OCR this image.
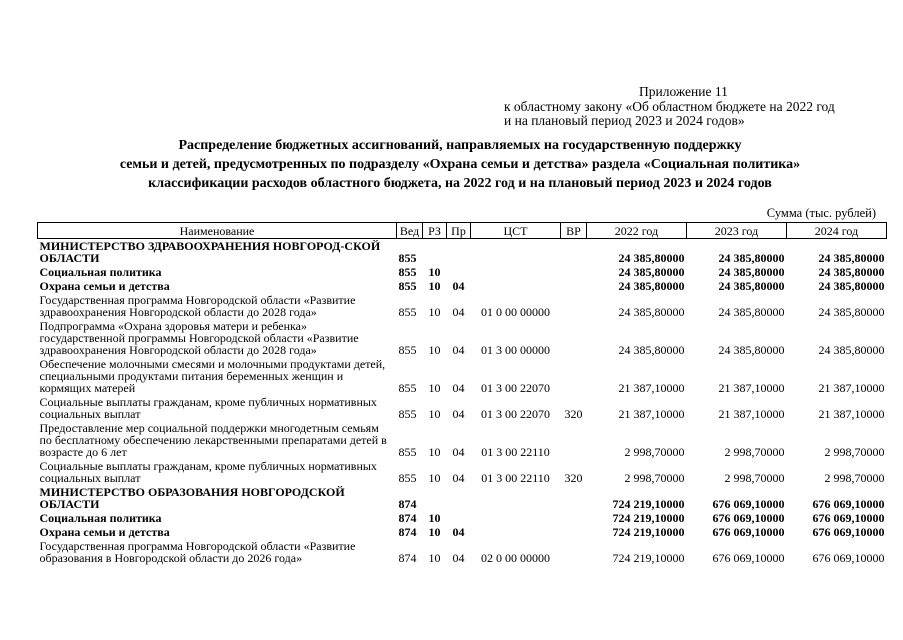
Приложение 11
к областному закону «Об областном бюджете на 2022 год
и на плановый период 2023 и 2024 годов»
Распределение бюджетных ассигнований, направляемых на государственную поддержку
семьи и детей, предусмотренных по подразделу «Охрана семьи и детства» раздела «Социальная политика»
классификации расходов областного бюджета, на 2022 год и на плановый период 2023 и 2024 годов
Сумма (тыс. рублей)
Наименование	Вед	РЗ	Пр	ЦСТ	ВР	2022 год	2023 год	2024 год
МИНИСТЕРСТВО ЗДРАВООХРАНЕНИЯ НОВГОРОД-СКОЙ ОБЛАСТИ	855					24 385,80000	24 385,80000	24 385,80000
Социальная политика	855	10				24 385,80000	24 385,80000	24 385,80000
Охрана семьи и детства	855	10	04			24 385,80000	24 385,80000	24 385,80000
Государственная программа Новгородской области «Развитие здравоохранения Новгородской области до 2028 года»	855	10	04	01 0 00 00000		24 385,80000	24 385,80000	24 385,80000
Подпрограмма «Охрана здоровья матери и ребенка» государственной программы Новгородской области «Развитие здравоохранения Новгородской области до 2028 года»	855	10	04	01 3 00 00000		24 385,80000	24 385,80000	24 385,80000
Обеспечение молочными смесями и молочными продуктами детей, специальными продуктами питания беременных женщин и кормящих матерей	855	10	04	01 3 00 22070		21 387,10000	21 387,10000	21 387,10000
Социальные выплаты гражданам, кроме публичных нормативных социальных выплат	855	10	04	01 3 00 22070	320	21 387,10000	21 387,10000	21 387,10000
Предоставление мер социальной поддержки многодетным семьям по бесплатному обеспечению лекарственными препаратами детей в возрасте до 6 лет	855	10	04	01 3 00 22110		2 998,70000	2 998,70000	2 998,70000
Социальные выплаты гражданам, кроме публичных нормативных социальных выплат	855	10	04	01 3 00 22110	320	2 998,70000	2 998,70000	2 998,70000
МИНИСТЕРСТВО ОБРАЗОВАНИЯ НОВГОРОДСКОЙ ОБЛАСТИ	874					724 219,10000	676 069,10000	676 069,10000
Социальная политика	874	10				724 219,10000	676 069,10000	676 069,10000
Охрана семьи и детства	874	10	04			724 219,10000	676 069,10000	676 069,10000
Государственная программа Новгородской области «Развитие образования в Новгородской области до 2026 года»	874	10	04	02 0 00 00000		724 219,10000	676 069,10000	676 069,10000
